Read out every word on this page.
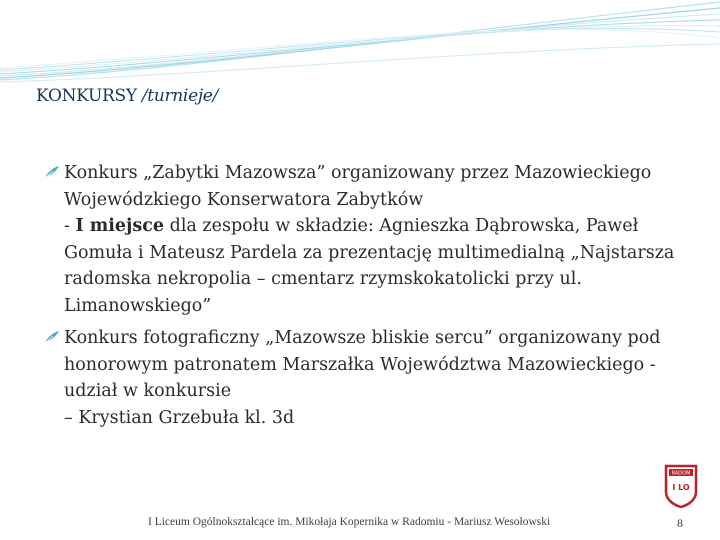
KONKURSY /turnieje/
Konkurs „Zabytki Mazowsza” organizowany przez Mazowieckiego
Wojewódzkiego Konserwatora Zabytków
- I miejsce dla zespołu w składzie: Agnieszka Dąbrowska, Paweł
Gomuła i Mateusz Pardela za prezentację multimedialną „Najstarsza
radomska nekropolia – cmentarz rzymskokatolicki przy ul.
Limanowskiego”
Konkurs fotograficzny „Mazowsze bliskie sercu” organizowany pod
honorowym patronatem Marszałka Województwa Mazowieckiego -
udział w konkursie
– Krystian Grzebuła kl. 3d
RADOM
I LO
I Liceum Ogólnokształcące im. Mikołaja Kopernika w Radomiu - Mariusz Wesołowski	8
